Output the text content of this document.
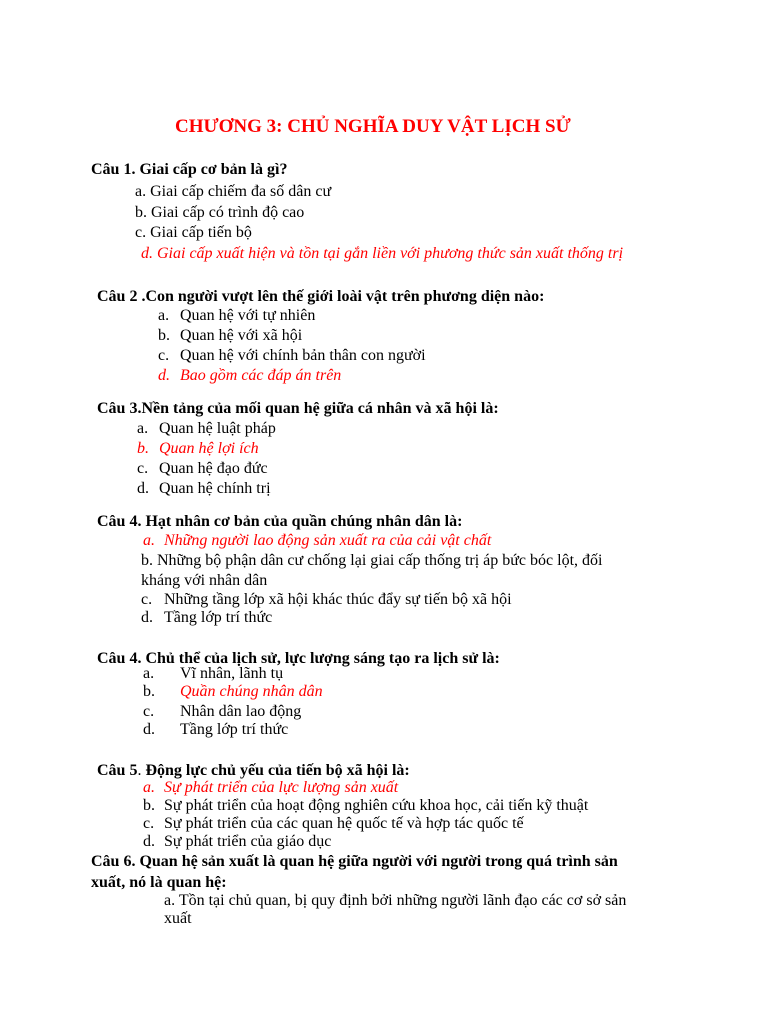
CHƯƠNG 3: CHỦ NGHĨA DUY VẬT LỊCH SỬ
Câu 1. Giai cấp cơ bản là gì?
a. Giai cấp chiếm đa số dân cư
b. Giai cấp có trình độ cao
c. Giai cấp tiến bộ
d. Giai cấp xuất hiện và tồn tại gắn liền với phương thức sản xuất thống trị
Câu 2 .Con người vượt lên thế giới loài vật trên phương diện nào:
a. Quan hệ với tự nhiên
b. Quan hệ với xã hội
c. Quan hệ với chính bản thân con người
d. Bao gồm các đáp án trên
Câu 3.Nền tảng của mối quan hệ giữa cá nhân và xã hội là:
a. Quan hệ luật pháp
b. Quan hệ lợi ích
c. Quan hệ đạo đức
d. Quan hệ chính trị
Câu 4. Hạt nhân cơ bản của quần chúng nhân dân là:
a. Những người lao động sản xuất ra của cải vật chất
b. Những bộ phận dân cư chống lại giai cấp thống trị áp bức bóc lột, đối
kháng với nhân dân
c. Những tầng lớp xã hội khác thúc đẩy sự tiến bộ xã hội
d. Tầng lớp trí thức
Câu 4. Chủ thể của lịch sử, lực lượng sáng tạo ra lịch sử là:
a. Vĩ nhân, lãnh tụ
b. Quần chúng nhân dân
c. Nhân dân lao động
d. Tầng lớp trí thức
Câu 5. Động lực chủ yếu của tiến bộ xã hội là:
a. Sự phát triển của lực lượng sản xuất
b. Sự phát triển của hoạt động nghiên cứu khoa học, cải tiến kỹ thuật
c. Sự phát triển của các quan hệ quốc tế và hợp tác quốc tế
d. Sự phát triển của giáo dục
Câu 6. Quan hệ sản xuất là quan hệ giữa người với người trong quá trình sản
xuất, nó là quan hệ:
a. Tồn tại chủ quan, bị quy định bởi những người lãnh đạo các cơ sở sản
xuất
